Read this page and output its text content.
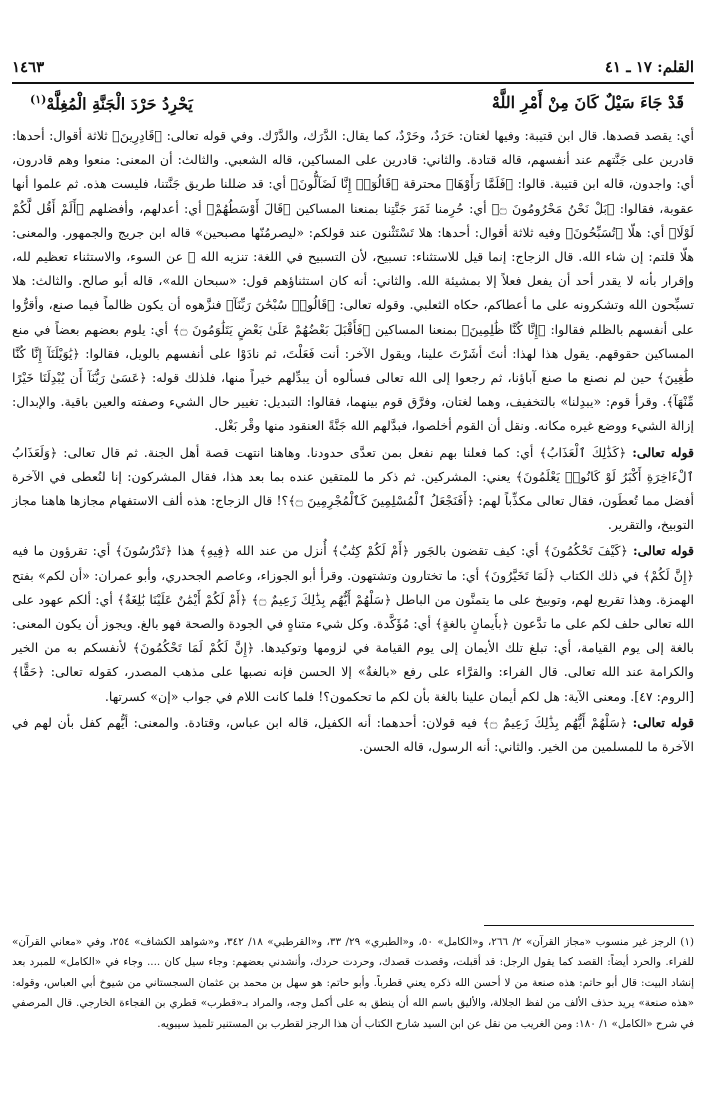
القلم: ١٧ ـ ٤١
١٤٦٣
قَدْ جَاءَ سَيْلٌ كَانَ مِنْ أَمْرِ اللَّهْ
يَحْرِدُ حَرْدَ الْجَنَّةِ الْمُغِلَّهْ$^{(١)}$

أي: يقصد قصدها. قال ابن قتيبة: وفيها لغتان: حَرَدٌ، وحَرْدٌ، كما يقال: الدَّرَك، والدَّرْك. وفي قوله تعالى: ﴿قَادِرِينَ﴾ ثلاثة أقوال: أحدها: قادرين على جَنَّتهم عند أنفسهم، قاله قتادة. والثاني: قادرين على المساكين، قاله الشعبي. والثالث: أن المعنى: منعوا وهم قادرون، أي: واجدون، قاله ابن قتيبة. قالوا: ﴿فَلَمَّا رَأَوْهَا﴾ محترقة ﴿قَالُوٓا۟ إِنَّا لَضَآلُّونَ﴾ أي: قد ضللنا طريق جَنَّتنا، فليست هذه. ثم علموا أنها عقوبة، فقالوا: ﴿بَلْ نَحْنُ مَحْرُومُونَ ۝﴾ أي: حُرِمنا ثَمَرَ جَنَّتِنا بمنعنا المساكين ﴿قَالَ أَوْسَطُهُمْ﴾ أي: أعدلهم، وأفضلهم ﴿أَلَمْ أَقُل لَّكُمْ لَوْلَا﴾ أي: هلّا ﴿تُسَبِّحُونَ﴾ وفيه ثلاثة أقوال: أحدها: هلا تَسْتَثْنون عند قولكم: «ليصرمُنّها مصبحين» قاله ابن جريج والجمهور. والمعنى: هلّا قلتم: إن شاء الله. قال الزجاج: إنما قيل للاستثناء: تسبيح، لأن التسبيح في اللغة: تنزيه الله ﷻ عن السوء، والاستثناء تعظيم لله، وإقرار بأنه لا يقدر أحد أن يفعل فعلاً إلا بمشيئة الله. والثاني: أنه كان استثناؤهم قول: «سبحان الله»، قاله أبو صالح. والثالث: هلا تسبِّحون الله وتشكرونه على ما أعطاكم، حكاه الثعلبي. وقوله تعالى: ﴿قَالُوا۟ سُبْحَٰنَ رَبِّنَآ﴾ فنزَّهوه أن يكون ظالماً فيما صنع، وأقرُّوا على أنفسهم بالظلم فقالوا: ﴿إِنَّا كُنَّا ظَٰلِمِينَ﴾ بمنعنا المساكين ﴿فَأَقْبَلَ بَعْضُهُمْ عَلَىٰ بَعْضٍ يَتَلَٰوَمُونَ ۝﴾ أي: يلوم بعضهم بعضاً في منع المساكين حقوقهم. يقول هذا لهذا: أنتَ أشَرْتَ علينا، ويقول الآخر: أنت فَعَلْتَ، ثم نادَوْا على أنفسهم بالويل، فقالوا: ﴿يَٰوَيْلَنَآ إِنَّا كُنَّا طَٰغِينَ﴾ حين لم نصنع ما صنع آباؤنا، ثم رجعوا إلى الله تعالى فسألوه أن يبدِّلهم خيراً منها، فلذلك قوله: ﴿عَسَىٰ رَبُّنَآ أَن يُبْدِلَنَا خَيْرًا مِّنْهَآ﴾. وقرأ قوم: «يبدِلنا» بالتخفيف، وهما لغتان، وفرَّق قوم بينهما، فقالوا: التبديل: تغيير حال الشيء وصفته والعين باقية. والإبدال: إزالة الشيء ووضع غيره مكانه. ونقل أن القوم أخلصوا، فبدَّلهم الله جَنَّةً العنقود منها وقْر بَغْل.

قوله تعالى: ﴿كَذَٰلِكَ ٱلْعَذَابُ﴾ أي: كما فعلنا بهم نفعل بمن تعدَّى حدودنا. وهاهنا انتهت قصة أهل الجنة. ثم قال تعالى: ﴿وَلَعَذَابُ ٱلْءَاخِرَةِ أَكْبَرُ لَوْ كَانُوا۟ يَعْلَمُونَ﴾ يعني: المشركين. ثم ذكر ما للمتقين عنده بما بعد هذا، فقال المشركون: إنا لنُعطى في الآخرة أفضل مما تُعطَون، فقال تعالى مكذِّباً لهم: ﴿أَفَنَجْعَلُ ٱلْمُسْلِمِينَ كَٱلْمُجْرِمِينَ ۝﴾؟! قال الزجاج: هذه ألف الاستفهام مجازها هاهنا مجاز التوبيخ، والتقرير.

قوله تعالى: ﴿كَيْفَ تَحْكُمُونَ﴾ أي: كيف تقضون بالجَور ﴿أَمْ لَكُمْ كِتَٰبٌ﴾ أُنزل من عند الله ﴿فِيهِ﴾ هذا ﴿تَدْرُسُونَ﴾ أي: تقرؤون ما فيه ﴿إِنَّ لَكُمْ﴾ في ذلك الكتاب ﴿لَمَا تَخَيَّرُونَ﴾ أي: ما تختارون وتشتهون. وقرأ أبو الجوزاء، وعاصم الجحدري، وأبو عمران: «أن لكم» بفتح الهمزة. وهذا تقريع لهم، وتوبيخ على ما يتمنَّون من الباطل ﴿سَلْهُمْ أَيُّهُم بِذَٰلِكَ زَعِيمٌ ۝﴾ ﴿أَمْ لَكُمْ أَيْمَٰنٌ عَلَيْنَا بَٰلِغَةٌ﴾ أي: ألكم عهود على الله تعالى حلف لكم على ما تدَّعون ﴿بأَيمانٍ بالغةٍ﴾ أي: مُؤَكَّدة. وكل شيء متناهٍ في الجودة والصحة فهو بالغ. ويجوز أن يكون المعنى: بالغة إلى يوم القيامة، أي: تبلغ تلك الأيمان إلى يوم القيامة في لزومها وتوكيدها. ﴿إِنَّ لَكُمْ لَمَا تَحْكُمُونَ﴾ لأنفسكم به من الخير والكرامة عند الله تعالى. قال الفراء: والقرَّاء على رفع «بالغةٌ» إلا الحسن فإنه نصبها على مذهب المصدر، كقوله تعالى: ﴿حَقًّا﴾ [الروم: ٤٧]. ومعنى الآية: هل لكم أيمان علينا بالغة بأن لكم ما تحكمون؟! فلما كانت اللام في جواب «إن» كسرتها.

قوله تعالى: ﴿سَلْهُمْ أَيُّهُم بِذَٰلِكَ زَعِيمٌ ۝﴾ فيه قولان: أحدهما: أنه الكفيل، قاله ابن عباس، وقتادة. والمعنى: أيُّهم كفل بأن لهم في الآخرة ما للمسلمين من الخير. والثاني: أنه الرسول، قاله الحسن.

(١) الرجز غير منسوب «مجاز القرآن» ٢/ ٢٦٦، و«الكامل» ٥٠، و«الطبري» ٢٩/ ٣٣، و«القرطبي» ١٨/ ٣٤٢، و«شواهد الكشاف» ٢٥٤، وفي «معاني القرآن» للفراء. والحرد أيضاً: القصد كما يقول الرجل: قد أقبلت، وقصدت قصدك، وحردت حردك، وأنشدني بعضهم: وجاء سيل كان .... وجاء في «الكامل» للمبرد بعد إنشاد البيت: قال أبو حاتم: هذه صنعة من لا أحسن الله ذكره يعني قطرباً. وأبو حاتم: هو سهل بن محمد بن عثمان السجستاني من شيوخ أبي العباس، وقوله: «هذه صنعة» يريد حذف الألف من لفظ الجلالة، والأليق باسم الله أن ينطق به على أكمل وجه، والمراد بـ«قطرب» قطري بن الفجاءة الخارجي. قال المرصفي في شرح «الكامل» ١/ ١٨٠: ومن الغريب من نقل عن ابن السيد شارح الكتاب أن هذا الرجز لقطرب بن المستنير تلميذ سيبويه.
